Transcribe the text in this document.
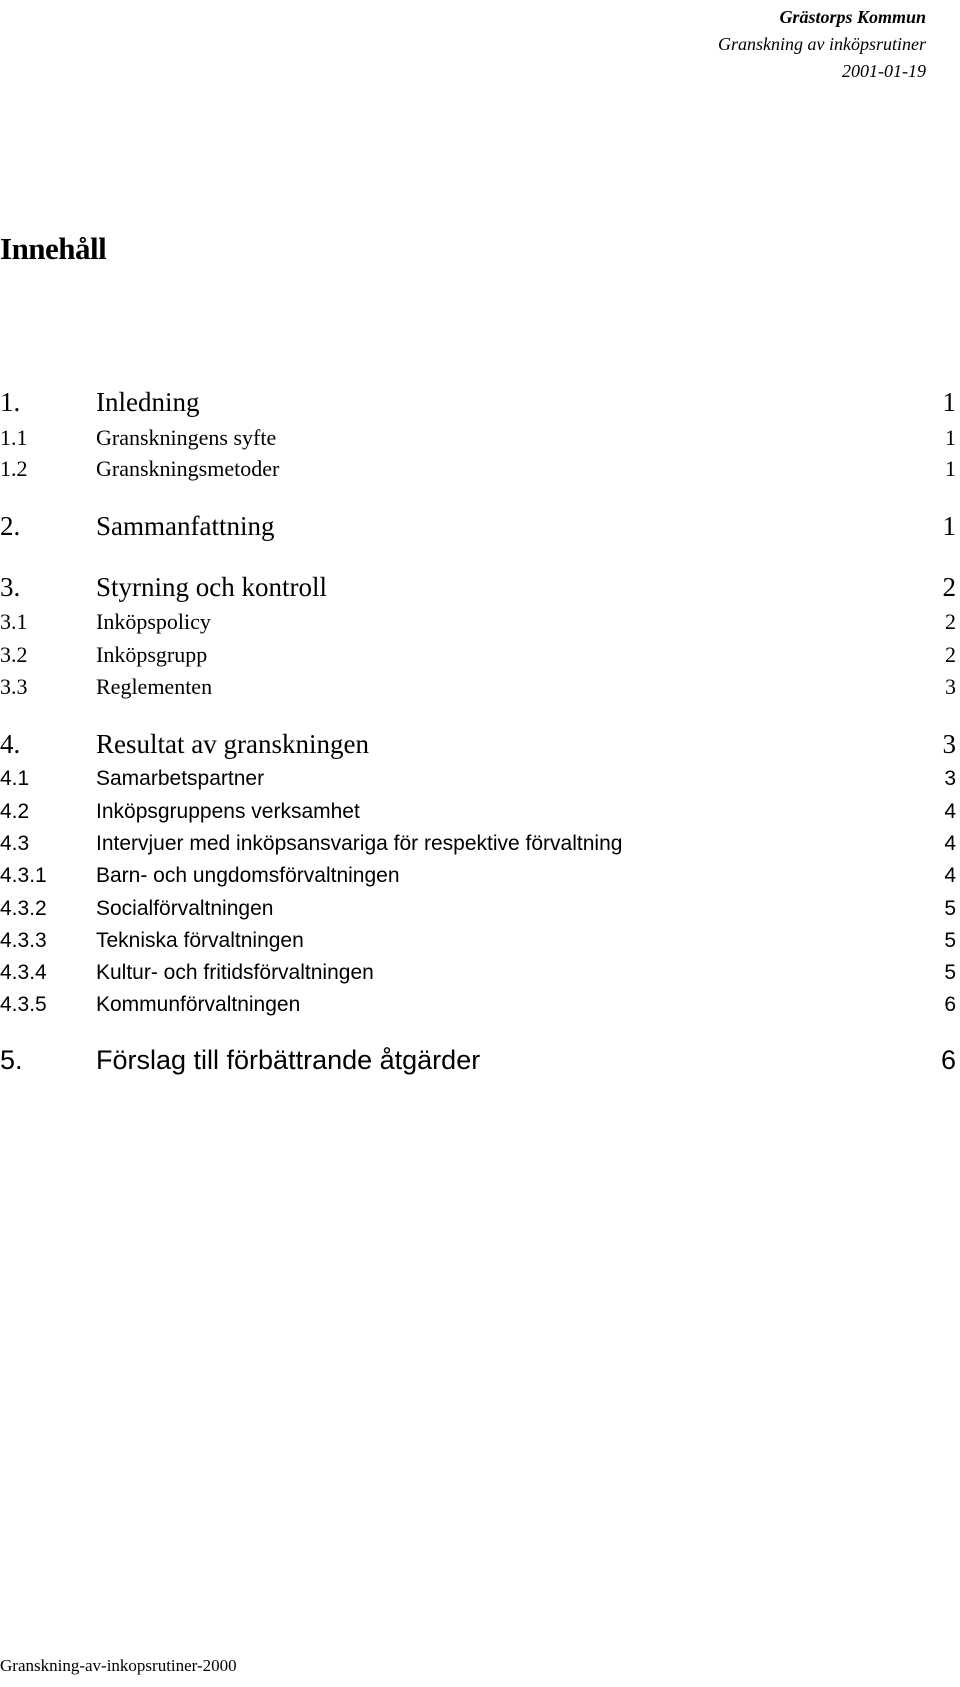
Grästorps Kommun
Granskning av inköpsrutiner
2001-01-19
Innehåll
1.	Inledning	1
1.1	Granskningens syfte	1
1.2	Granskningsmetoder	1
2.	Sammanfattning	1
3.	Styrning och kontroll	2
3.1	Inköpspolicy	2
3.2	Inköpsgrupp	2
3.3	Reglementen	3
4.	Resultat av granskningen	3
4.1	Samarbetspartner	3
4.2	Inköpsgruppens verksamhet	4
4.3	Intervjuer med inköpsansvariga för respektive förvaltning	4
4.3.1 Barn- och ungdomsförvaltningen	4
4.3.2 Socialförvaltningen	5
4.3.3 Tekniska förvaltningen	5
4.3.4 Kultur- och fritidsförvaltningen	5
4.3.5 Kommunförvaltningen	6
5.	Förslag till förbättrande åtgärder	6
Granskning-av-inkopsrutiner-2000
